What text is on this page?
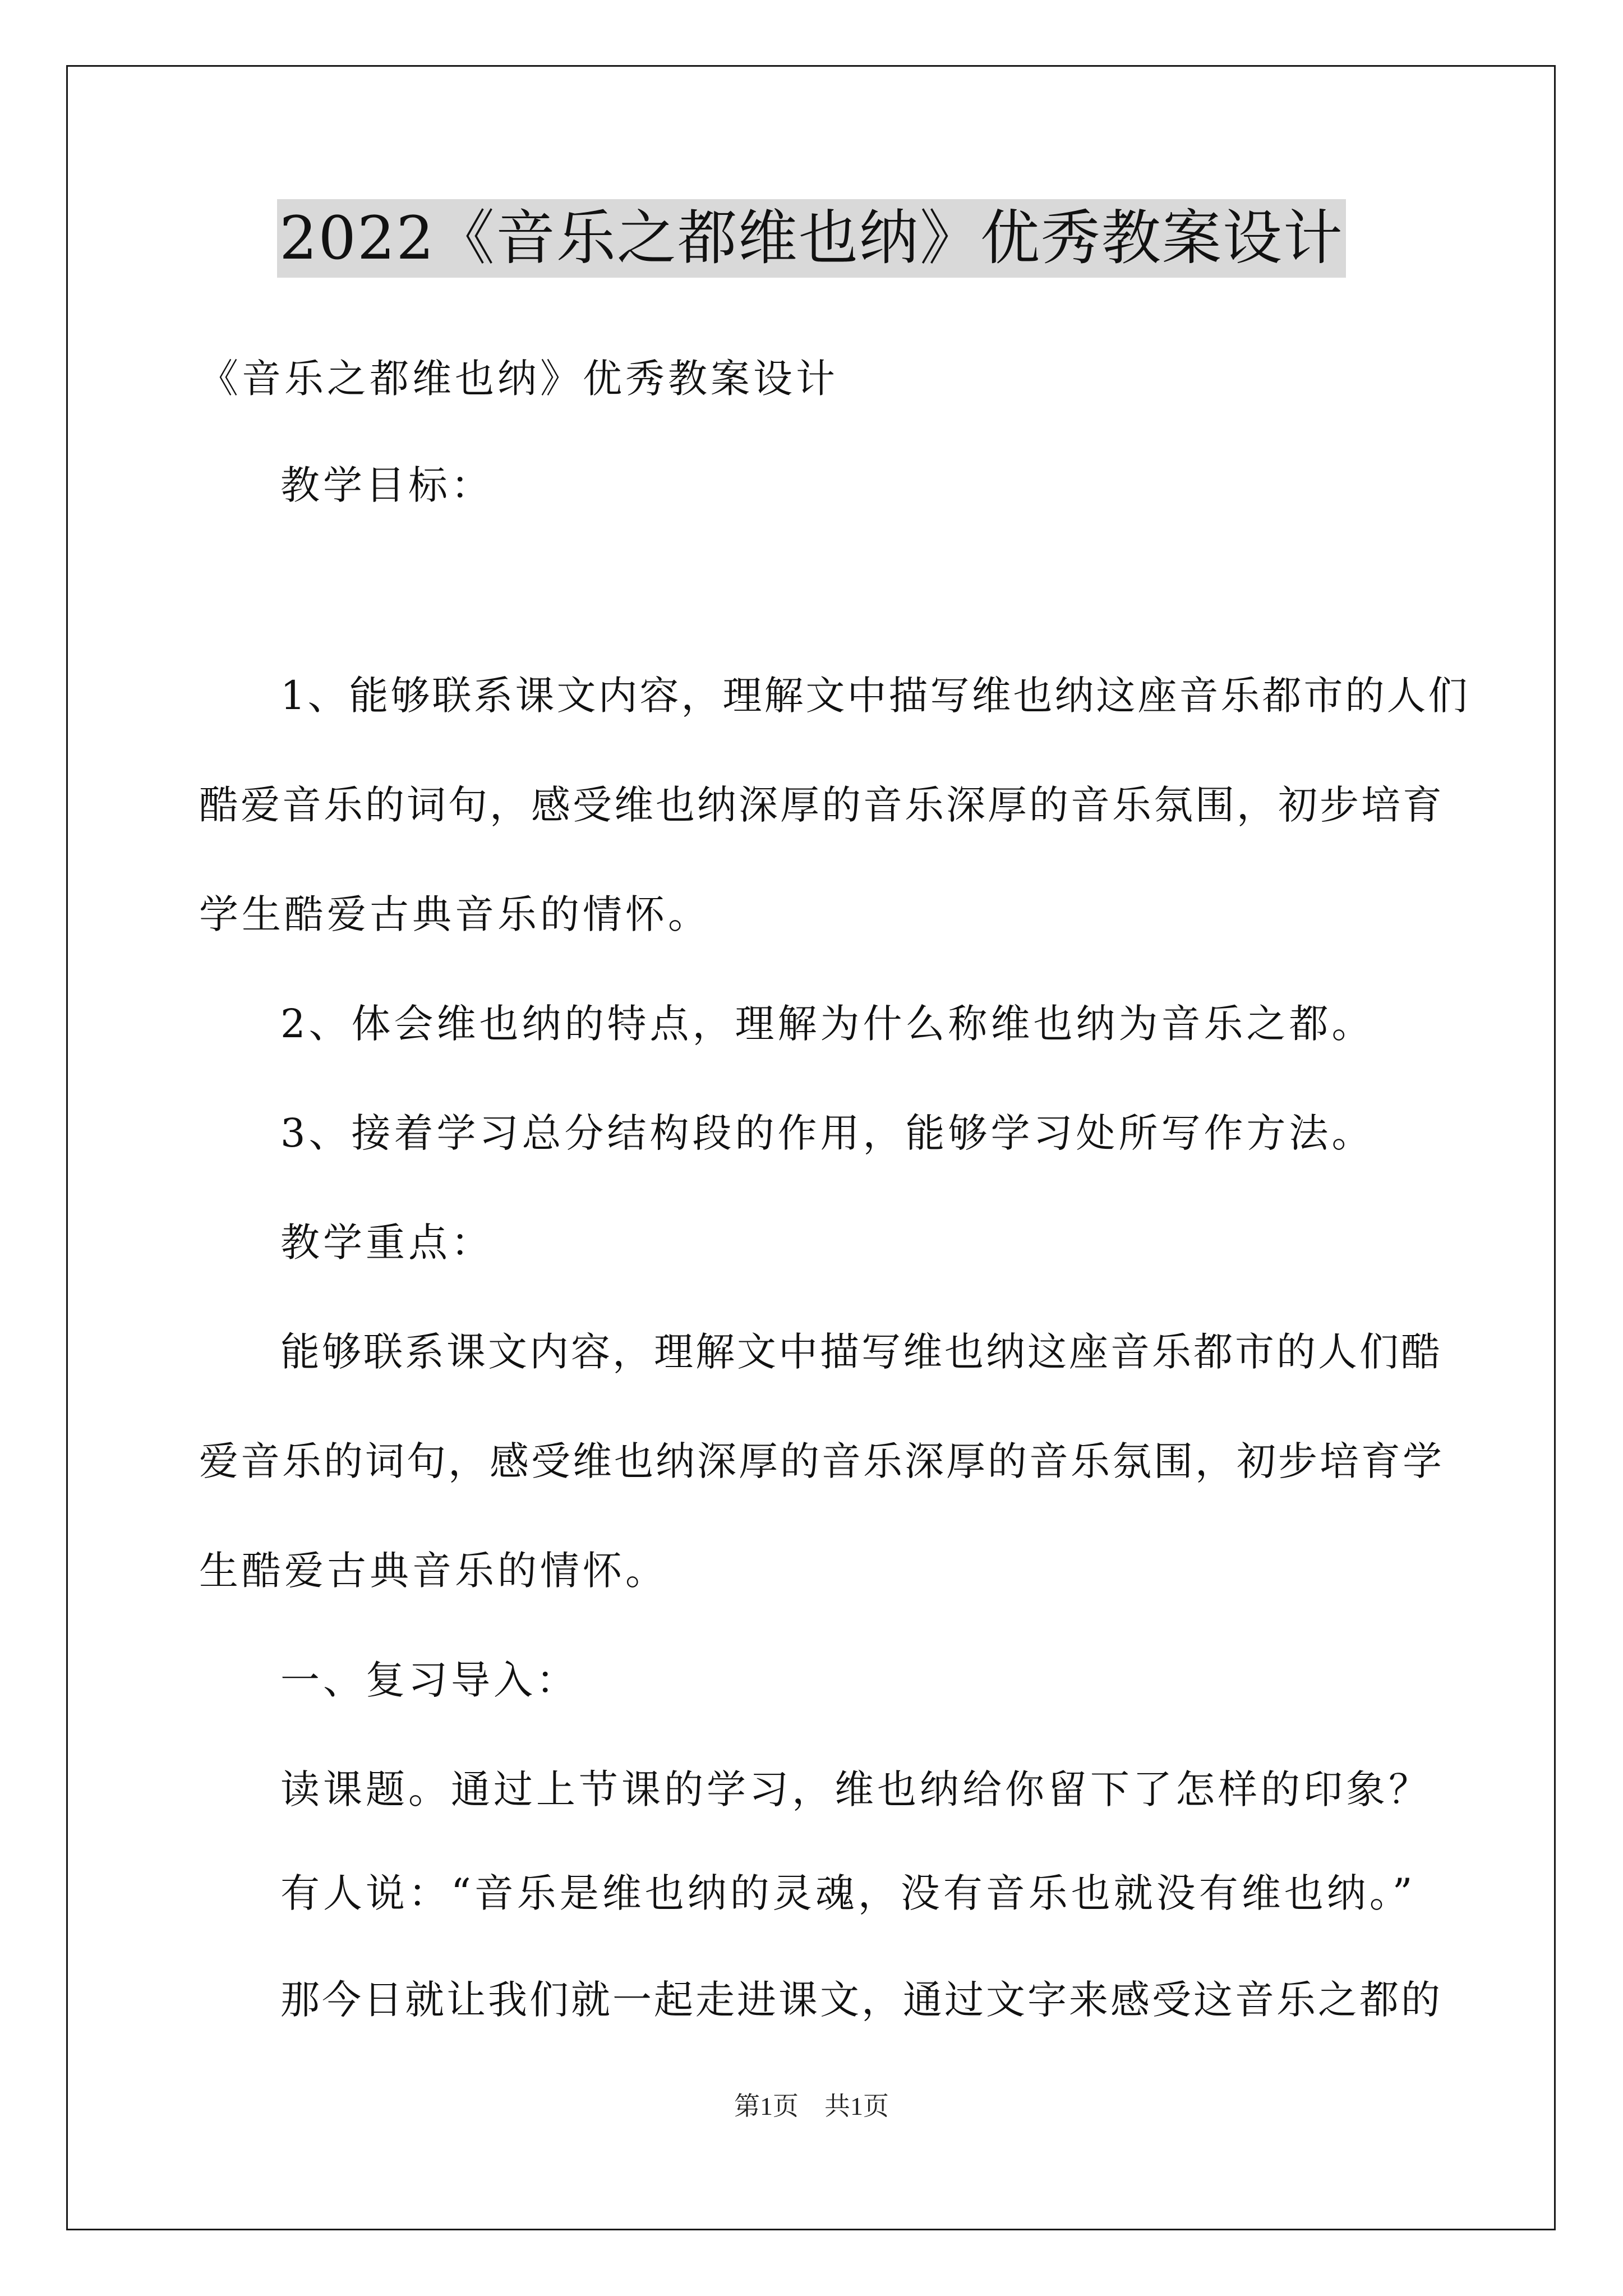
2022《音乐之都维也纳》优秀教案设计
《音乐之都维也纳》优秀教案设计
教学目标：
1、能够联系课文内容，理解文中描写维也纳这座音乐都市的人们
酷爱音乐的词句，感受维也纳深厚的音乐深厚的音乐氛围，初步培育
学生酷爱古典音乐的情怀。
2、体会维也纳的特点，理解为什么称维也纳为音乐之都。
3、接着学习总分结构段的作用，能够学习处所写作方法。
教学重点：
能够联系课文内容，理解文中描写维也纳这座音乐都市的人们酷
爱音乐的词句，感受维也纳深厚的音乐深厚的音乐氛围，初步培育学
生酷爱古典音乐的情怀。
一、复习导入：
读课题。通过上节课的学习，维也纳给你留下了怎样的印象？
有人说：“音乐是维也纳的灵魂，没有音乐也就没有维也纳。”
那今日就让我们就一起走进课文，通过文字来感受这音乐之都的
第1页　共1页
